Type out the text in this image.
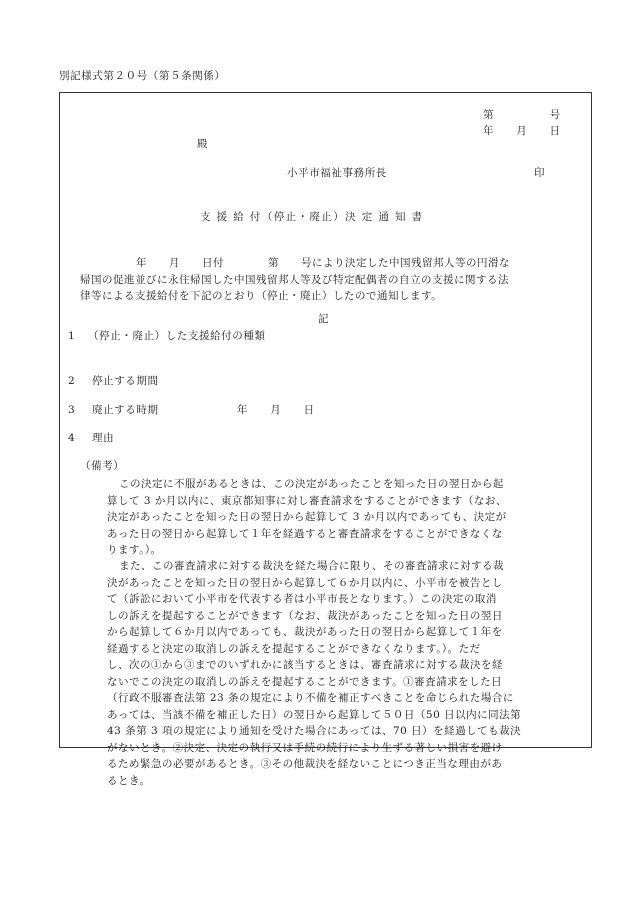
別記様式第２０号（第５条関係）
第　　　　　号
年　　月　　日
殿
小平市福祉事務所長	印
支 援 給 付（停止・廃止）決 定 通 知 書
年　　月　　日付　　　　第　　号により決定した中国残留邦人等の円滑な
帰国の促進並びに永住帰国した中国残留邦人等及び特定配偶者の自立の支援に関する法
律等による支援給付を下記のとおり（停止・廃止）したので通知します。
記
1 （停止・廃止）した支援給付の種類
2 停止する期間
3 廃止する時期	年　　月　　日
4 理由
（備考）
この決定に不服があるときは、この決定があったことを知った日の翌日から起
算して 3 か月以内に、東京都知事に対し審査請求をすることができます（なお、
決定があったことを知った日の翌日から起算して 3 か月以内であっても、決定が
あった日の翌日から起算して１年を経過すると審査請求をすることができなくな
ります。）。
また、この審査請求に対する裁決を経た場合に限り、その審査請求に対する裁
決があったことを知った日の翌日から起算して６か月以内に、小平市を被告とし
て（訴訟において小平市を代表する者は小平市長となります。）この決定の取消
しの訴えを提起することができます（なお、裁決があったことを知った日の翌日
から起算して６か月以内であっても、裁決があった日の翌日から起算して１年を
経過すると決定の取消しの訴えを提起することができなくなります。）。ただ
し、次の①から③までのいずれかに該当するときは、審査請求に対する裁決を経
ないでこの決定の取消しの訴えを提起することができます。①審査請求をした日
（行政不服審査法第 23 条の規定により不備を補正すべきことを命じられた場合に
あっては、当該不備を補正した日）の翌日から起算して５０日（50 日以内に同法第
43 条第 3 項の規定により通知を受けた場合にあっては、70 日）を経過しても裁決
がないとき。②決定、決定の執行又は手続の続行により生ずる著しい損害を避け
るため緊急の必要があるとき。③その他裁決を経ないことにつき正当な理由があ
るとき。
